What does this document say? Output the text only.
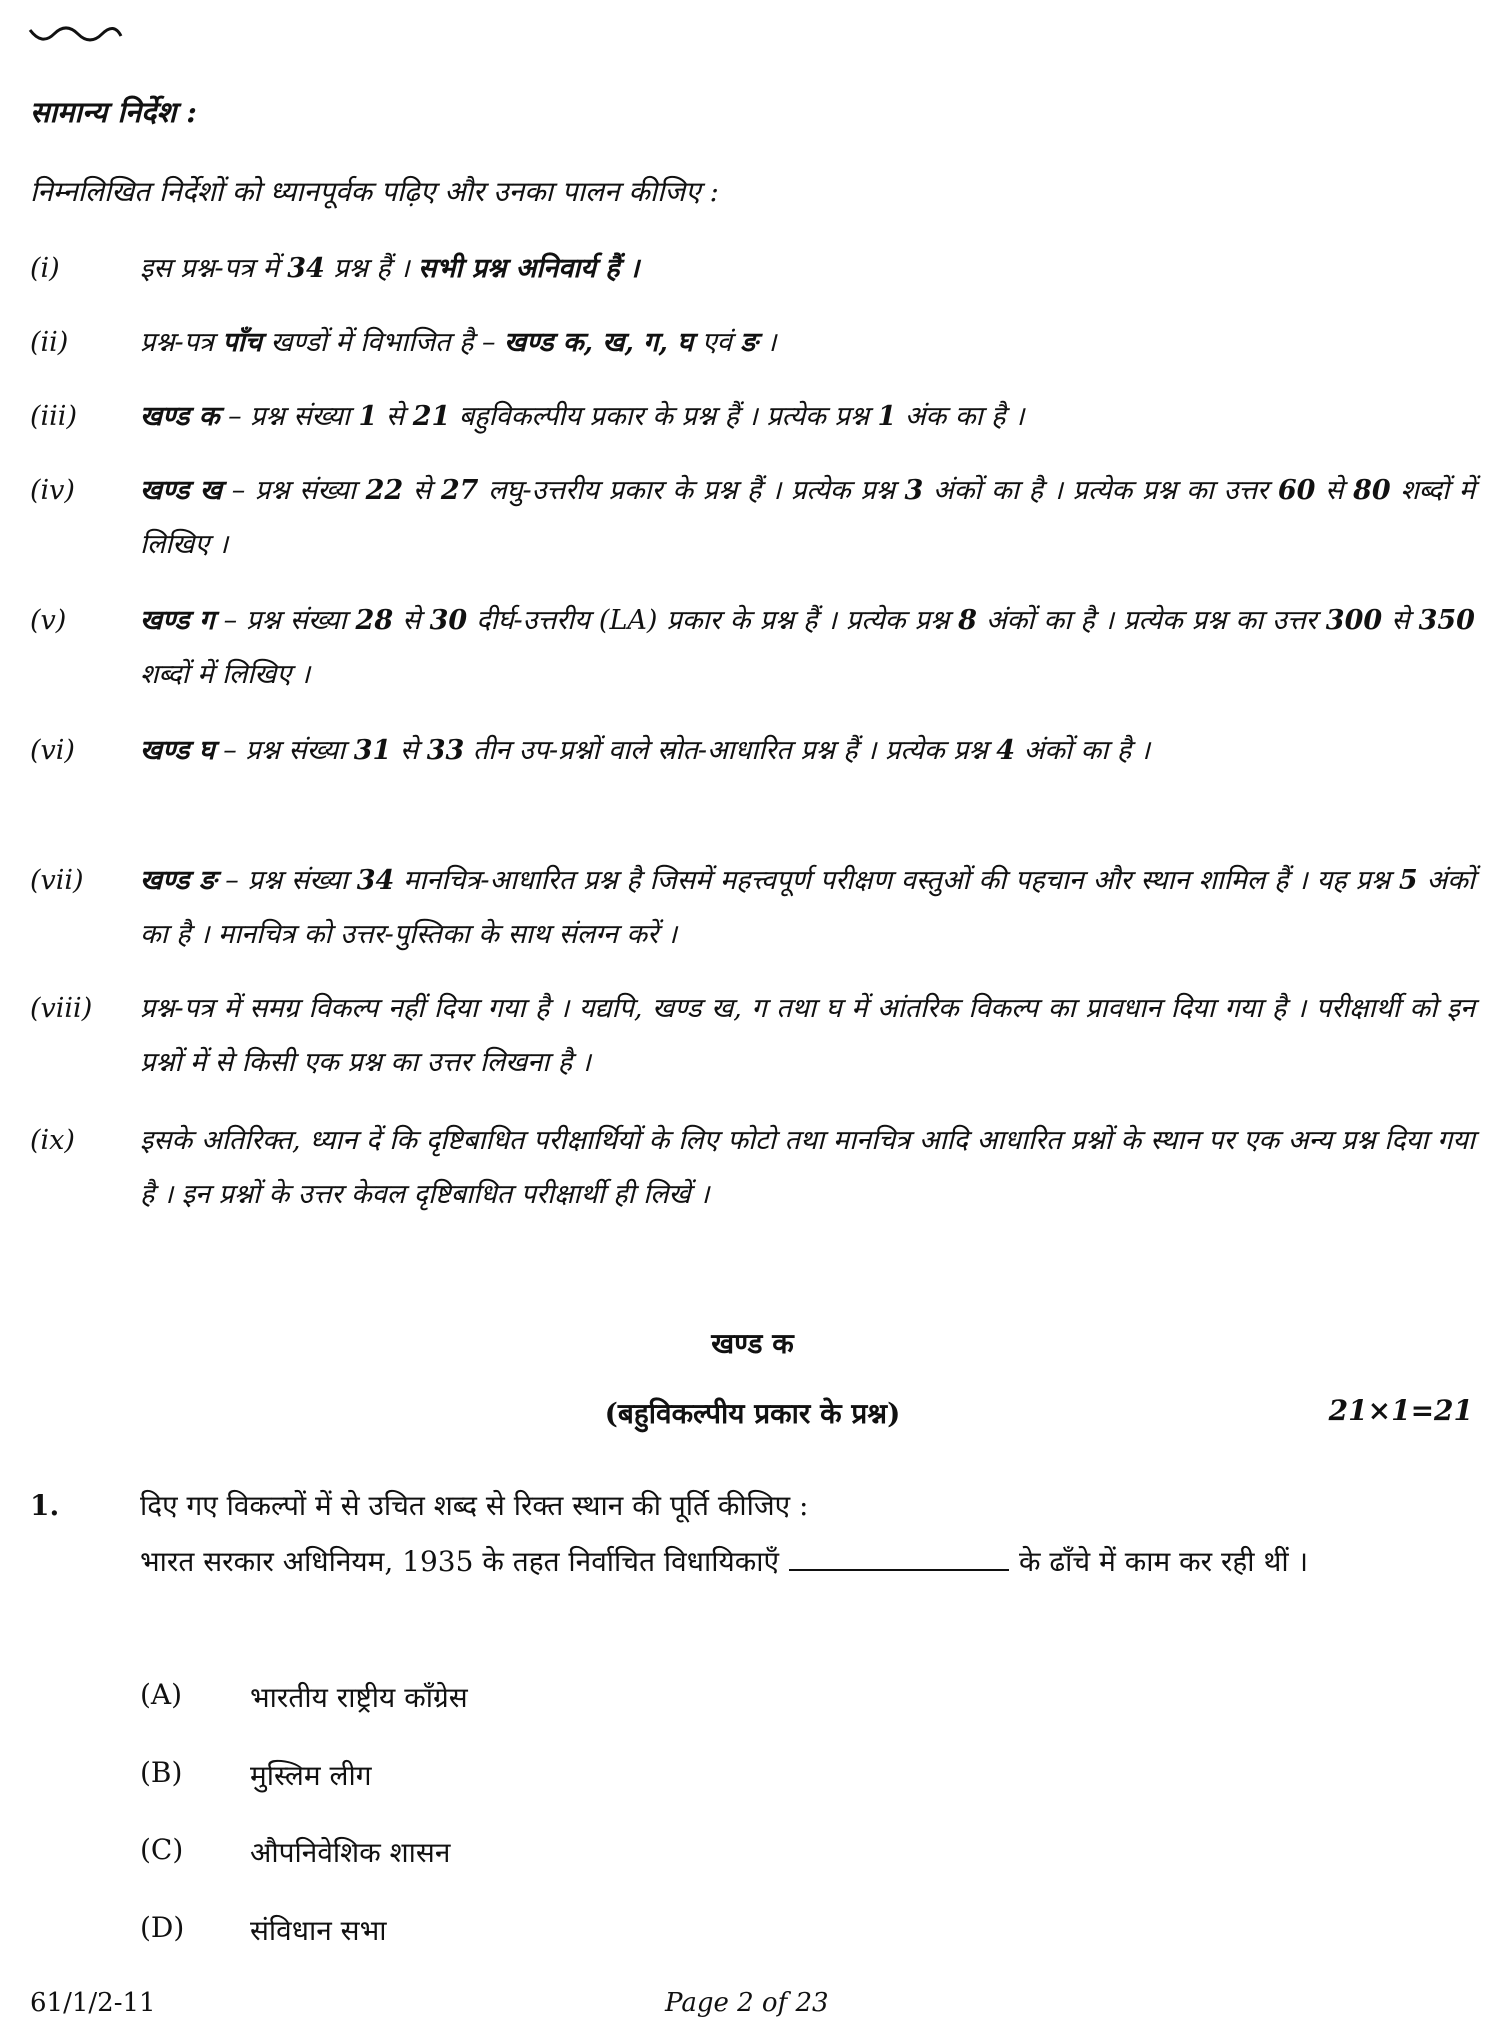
सामान्य निर्देश :
निम्नलिखित निर्देशों को ध्यानपूर्वक पढ़िए और उनका पालन कीजिए :
(i)	इस प्रश्न-पत्र में 34 प्रश्न हैं । सभी प्रश्न अनिवार्य हैं ।
(ii)	प्रश्न-पत्र पाँच खण्डों में विभाजित है – खण्ड क, ख, ग, घ एवं ङ ।
(iii)	खण्ड क – प्रश्न संख्या 1 से 21 बहुविकल्पीय प्रकार के प्रश्न हैं । प्रत्येक प्रश्न 1 अंक का है ।
(iv)	खण्ड ख – प्रश्न संख्या 22 से 27 लघु-उत्तरीय प्रकार के प्रश्न हैं । प्रत्येक प्रश्न 3 अंकों का है । प्रत्येक प्रश्न का उत्तर 60 से 80 शब्दों में लिखिए ।
(v)	खण्ड ग – प्रश्न संख्या 28 से 30 दीर्घ-उत्तरीय (LA) प्रकार के प्रश्न हैं । प्रत्येक प्रश्न 8 अंकों का है । प्रत्येक प्रश्न का उत्तर 300 से 350 शब्दों में लिखिए ।
(vi)	खण्ड घ – प्रश्न संख्या 31 से 33 तीन उप-प्रश्नों वाले स्रोत-आधारित प्रश्न हैं । प्रत्येक प्रश्न 4 अंकों का है ।
(vii)	खण्ड ङ – प्रश्न संख्या 34 मानचित्र-आधारित प्रश्न है जिसमें महत्त्वपूर्ण परीक्षण वस्तुओं की पहचान और स्थान शामिल हैं । यह प्रश्न 5 अंकों का है । मानचित्र को उत्तर-पुस्तिका के साथ संलग्न करें ।
(viii)	प्रश्न-पत्र में समग्र विकल्प नहीं दिया गया है । यद्यपि, खण्ड ख, ग तथा घ में आंतरिक विकल्प का प्रावधान दिया गया है । परीक्षार्थी को इन प्रश्नों में से किसी एक प्रश्न का उत्तर लिखना है ।
(ix)	इसके अतिरिक्त, ध्यान दें कि दृष्टिबाधित परीक्षार्थियों के लिए फोटो तथा मानचित्र आदि आधारित प्रश्नों के स्थान पर एक अन्य प्रश्न दिया गया है । इन प्रश्नों के उत्तर केवल दृष्टिबाधित परीक्षार्थी ही लिखें ।
खण्ड क
(बहुविकल्पीय प्रकार के प्रश्न)	21×1=21
1.	दिए गए विकल्पों में से उचित शब्द से रिक्त स्थान की पूर्ति कीजिए :
भारत सरकार अधिनियम, 1935 के तहत निर्वाचित विधायिकाएँ	के ढाँचे में काम कर रही थीं ।
(A)	भारतीय राष्ट्रीय काँग्रेस
(B)	मुस्लिम लीग
(C)	औपनिवेशिक शासन
(D)	संविधान सभा
61/1/2-11	Page 2 of 23
